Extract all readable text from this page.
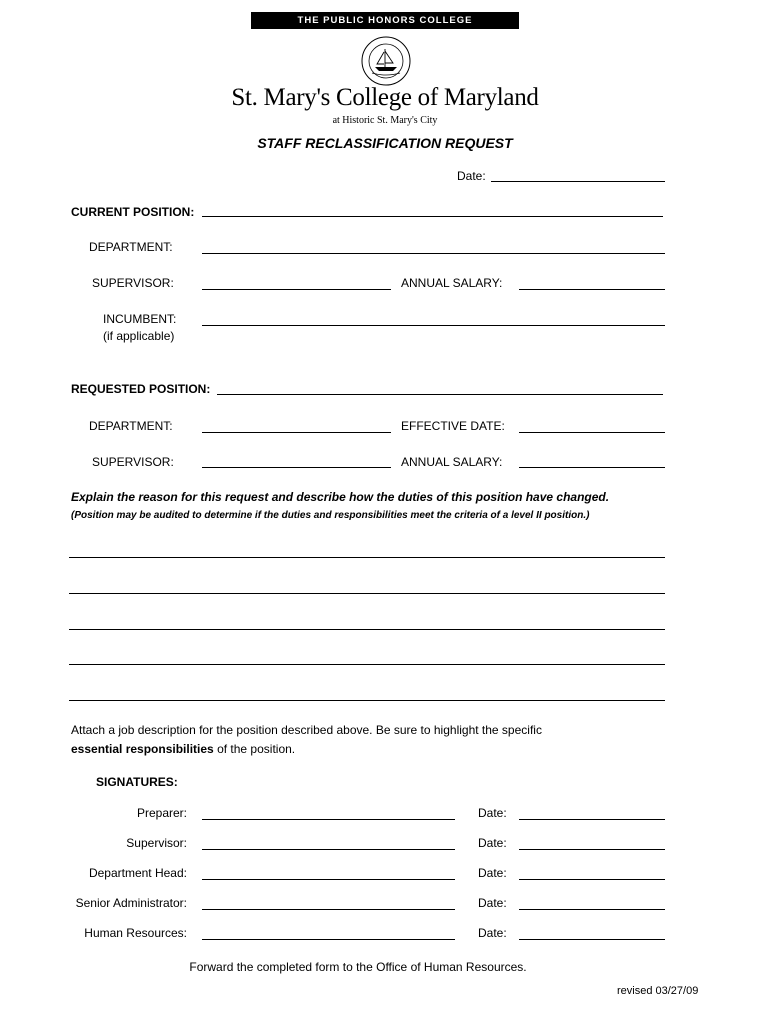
THE PUBLIC HONORS COLLEGE
St. Mary's College of Maryland
at Historic St. Mary's City
STAFF RECLASSIFICATION REQUEST
Date:
CURRENT POSITION:
DEPARTMENT:
SUPERVISOR:	ANNUAL SALARY:
INCUMBENT:
(if applicable)
REQUESTED POSITION:
DEPARTMENT:	EFFECTIVE DATE:
SUPERVISOR:	ANNUAL SALARY:
Explain the reason for this request and describe how the duties of this position have changed.
(Position may be audited to determine if the duties and responsibilities meet the criteria of a level II position.)
Attach a job description for the position described above. Be sure to highlight the specific
essential responsibilities of the position.
SIGNATURES:
Preparer:	Date:
Supervisor:	Date:
Department Head:	Date:
Senior Administrator:	Date:
Human Resources:	Date:
Forward the completed form to the Office of Human Resources.
revised 03/27/09
